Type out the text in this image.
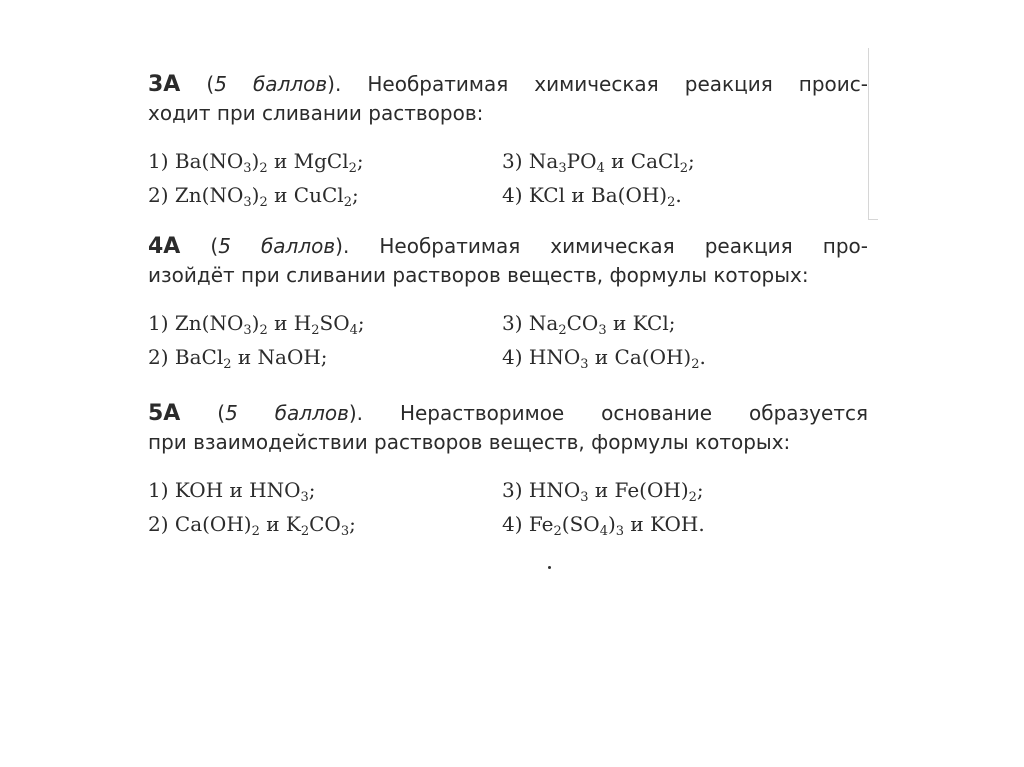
3А (5 баллов). Необратимая химическая реакция проис-
ходит при сливании растворов:

1) $Ba(NO_3)_2$ и MgCl$_2$;	3) $Na_3PO_4$ и CaCl$_2$;
2) $Zn(NO_3)_2$ и CuCl$_2$;	4) KCl и $Ba(OH)_2$.

4А (5 баллов). Необратимая химическая реакция про-
изойдёт при сливании растворов веществ, формулы которых:

1) $Zn(NO_3)_2$ и $H_2SO_4$;	3) $Na_2CO_3$ и KCl;
2) BaCl$_2$ и NaOH;	4) $HNO_3$ и $Ca(OH)_2$.

5А (5 баллов). Нерастворимое основание образуется
при взаимодействии растворов веществ, формулы которых:

1) KOH и $HNO_3$;	3) $HNO_3$ и $Fe(OH)_2$;
2) $Ca(OH)_2$ и $K_2CO_3$;	4) $Fe_2(SO_4)_3$ и KOH.
